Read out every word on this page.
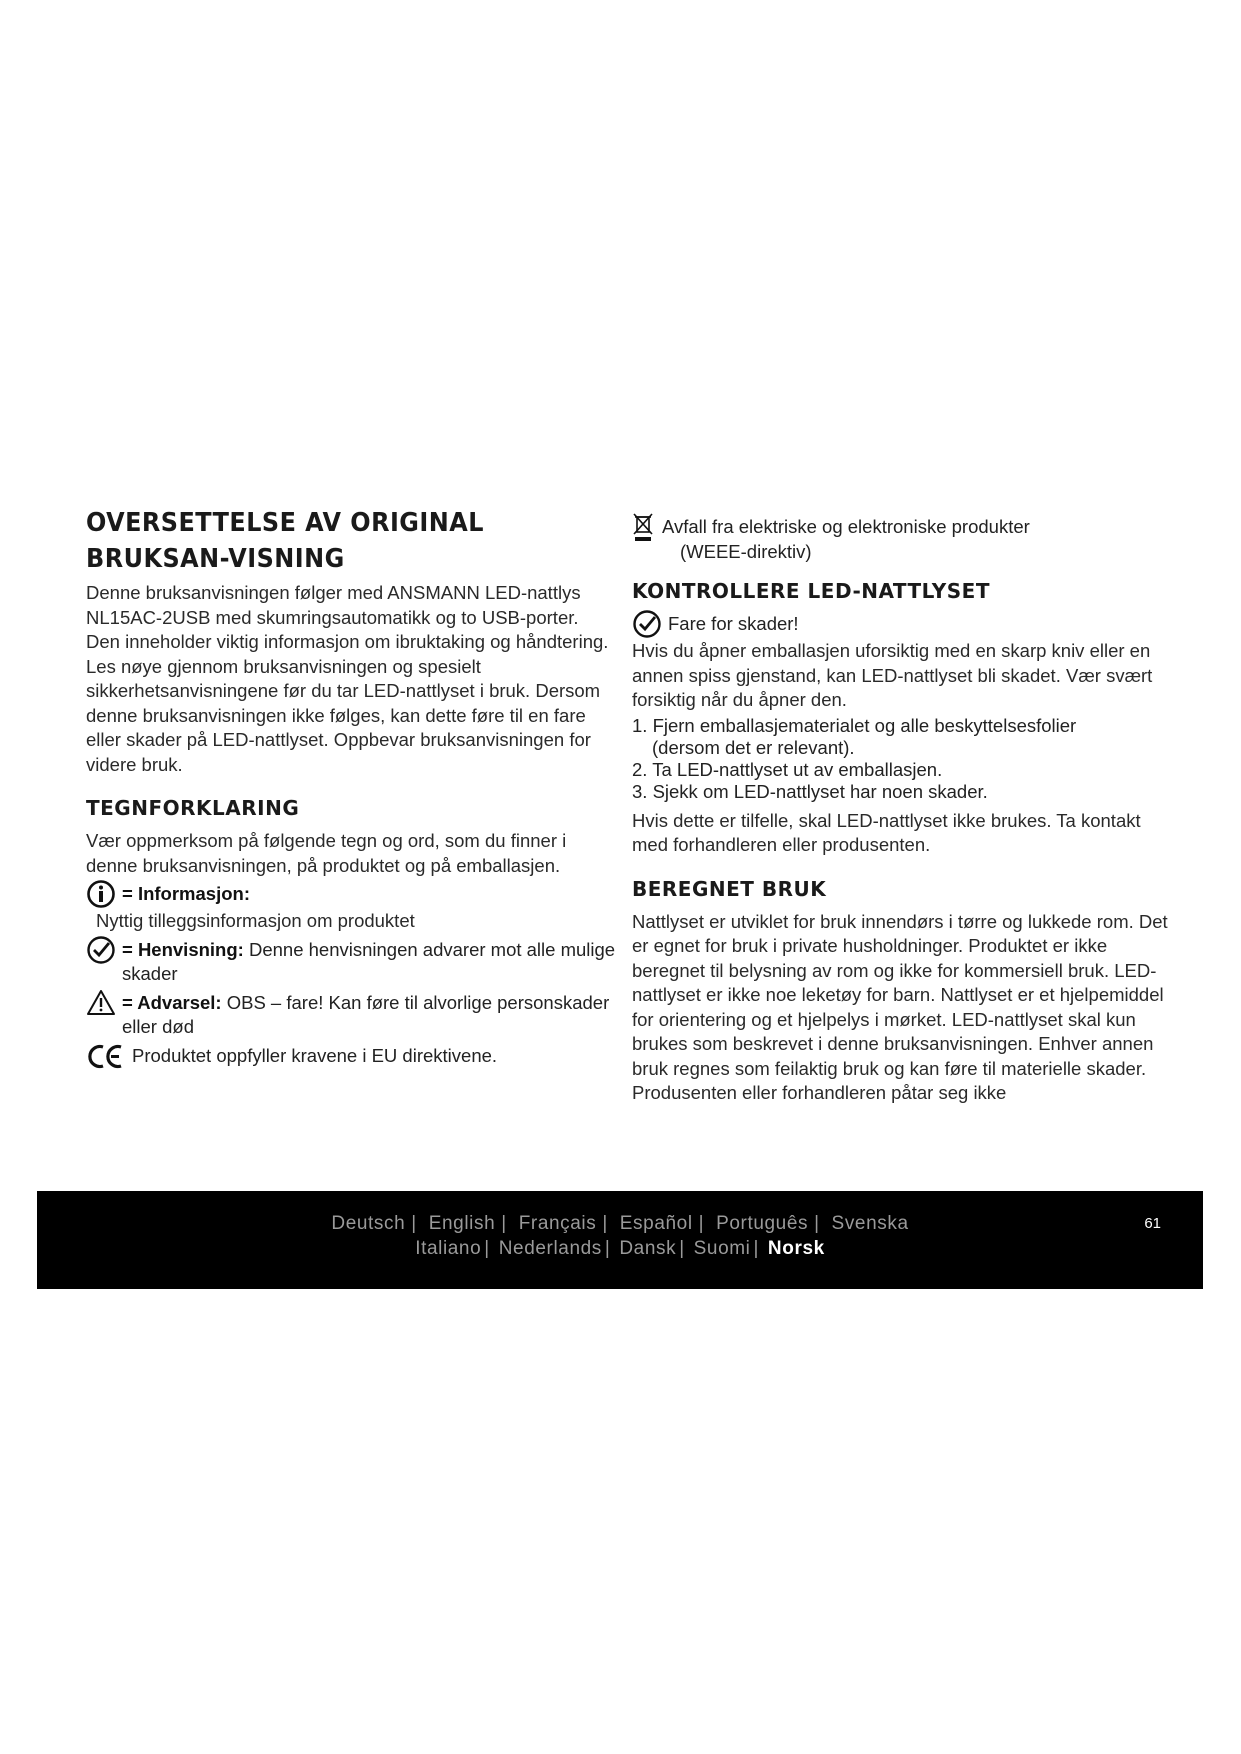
OVERSETTELSE AV ORIGINAL BRUKSAN-VISNING

Denne bruksanvisningen følger med ANSMANN LED-nattlys NL15AC-2USB med skumringsautomatikk og to USB-porter. Den inneholder viktig informasjon om ibruktaking og håndtering. Les nøye gjennom bruksanvisningen og spesielt sikkerhetsanvisningene før du tar LED-nattlyset i bruk. Dersom denne bruksanvisningen ikke følges, kan dette føre til en fare eller skader på LED-nattlyset. Oppbevar bruksanvisningen for videre bruk.

TEGNFORKLARING

Vær oppmerksom på følgende tegn og ord, som du finner i denne bruksanvisningen, på produktet og på emballasjen.

= Informasjon:
Nyttig tilleggsinformasjon om produktet
= Henvisning: Denne henvisningen advarer mot alle mulige skader
= Advarsel: OBS – fare! Kan føre til alvorlige personskader eller død
Produktet oppfyller kravene i EU direktivene.
Avfall fra elektriske og elektroniske produkter
(WEEE-direktiv)
KONTROLLERE LED-NATTLYSET
Fare for skader!

Hvis du åpner emballasjen uforsiktig med en skarp kniv eller en annen spiss gjenstand, kan LED-nattlyset bli skadet. Vær svært forsiktig når du åpner den.

1. Fjern emballasjematerialet og alle beskyttelsesfolier
(dersom det er relevant).
2. Ta LED-nattlyset ut av emballasjen.
3. Sjekk om LED-nattlyset har noen skader.

Hvis dette er tilfelle, skal LED-nattlyset ikke brukes. Ta kontakt med forhandleren eller produsenten.

BEREGNET BRUK

Nattlyset er utviklet for bruk innendørs i tørre og lukkede rom. Det er egnet for bruk i private husholdninger. Produktet er ikke beregnet til belysning av rom og ikke for kommersiell bruk. LED-nattlyset er ikke noe leketøy for barn. Nattlyset er et hjelpemiddel for orientering og et hjelpelys i mørket. LED-nattlyset skal kun brukes som beskrevet i denne bruksanvisningen. Enhver annen bruk regnes som feilaktig bruk og kan føre til materielle skader. Produsenten eller forhandleren påtar seg ikke

Deutsch | English | Français | Español | Português | Svenska
Italiano | Nederlands | Dansk | Suomi | Norsk
61
